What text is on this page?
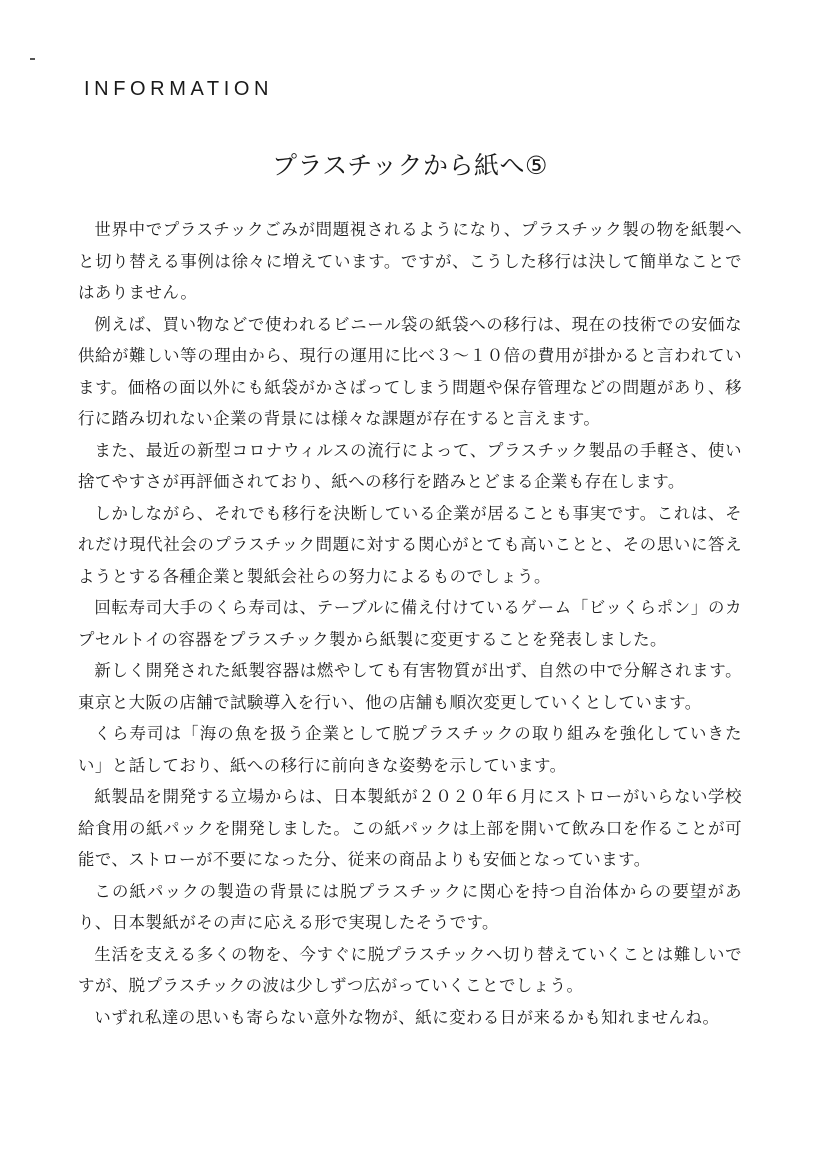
INFORMATION
プラスチックから紙へ⑤

世界中でプラスチックごみが問題視されるようになり、プラスチック製の物を紙製へと切り替える事例は徐々に増えています。ですが、こうした移行は決して簡単なことではありません。

例えば、買い物などで使われるビニール袋の紙袋への移行は、現在の技術での安価な供給が難しい等の理由から、現行の運用に比べ３～１０倍の費用が掛かると言われています。価格の面以外にも紙袋がかさばってしまう問題や保存管理などの問題があり、移行に踏み切れない企業の背景には様々な課題が存在すると言えます。

また、最近の新型コロナウィルスの流行によって、プラスチック製品の手軽さ、使い捨てやすさが再評価されており、紙への移行を踏みとどまる企業も存在します。

しかしながら、それでも移行を決断している企業が居ることも事実です。これは、それだけ現代社会のプラスチック問題に対する関心がとても高いことと、その思いに答えようとする各種企業と製紙会社らの努力によるものでしょう。

回転寿司大手のくら寿司は、テーブルに備え付けているゲーム「ビッくらポン」のカプセルトイの容器をプラスチック製から紙製に変更することを発表しました。

新しく開発された紙製容器は燃やしても有害物質が出ず、自然の中で分解されます。東京と大阪の店舗で試験導入を行い、他の店舗も順次変更していくとしています。

くら寿司は「海の魚を扱う企業として脱プラスチックの取り組みを強化していきたい」と話しており、紙への移行に前向きな姿勢を示しています。

紙製品を開発する立場からは、日本製紙が２０２０年６月にストローがいらない学校給食用の紙パックを開発しました。この紙パックは上部を開いて飲み口を作ることが可能で、ストローが不要になった分、従来の商品よりも安価となっています。

この紙パックの製造の背景には脱プラスチックに関心を持つ自治体からの要望があり、日本製紙がその声に応える形で実現したそうです。

生活を支える多くの物を、今すぐに脱プラスチックへ切り替えていくことは難しいですが、脱プラスチックの波は少しずつ広がっていくことでしょう。

いずれ私達の思いも寄らない意外な物が、紙に変わる日が来るかも知れませんね。
